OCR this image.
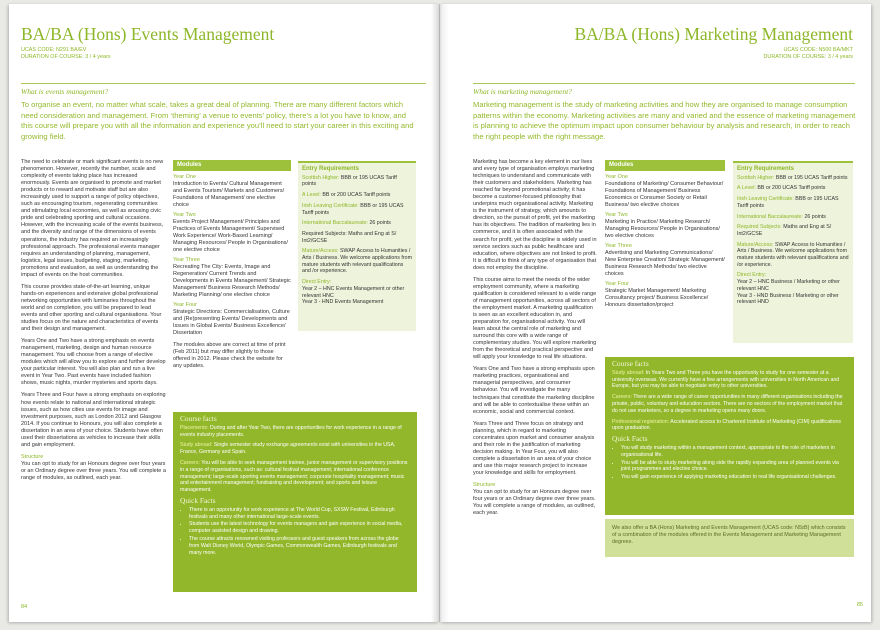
BA/BA (Hons) Events Management
UCAS CODE: N291 BA/EV
DURATION OF COURSE: 3 / 4 years
What is events management?
To organise an event, no matter what scale, takes a great deal of planning. There are many different factors which need consideration and management. From ‘theming’ a venue to events’ policy, there’s a lot you have to know, and this course will prepare you with all the information and experience you’ll need to start your career in this exciting and growing field.

The need to celebrate or mark significant events is no new phenomenon. However, recently the number, scale and complexity of events taking place has increased enormously. Events are organised to promote and market products or to reward and motivate staff but are also increasingly used to support a range of policy objectives, such as encouraging tourism, regenerating communities and stimulating local economies, as well as arousing civic pride and celebrating sporting and cultural occasions. However, with the increasing scale of the events business, and the diversity and range of the dimensions of events operations, the industry has required an increasingly professional approach. The professional events manager requires an understanding of planning, management, logistics, legal issues, budgeting, staging, marketing, promotions and evaluation, as well as understanding the impact of events on the host communities.

This course provides state-of-the-art learning, unique hands-on experiences and extensive global professional networking opportunities with luminaries throughout the world and on completion, you will be prepared to lead events and other sporting and cultural organisations. Your studies focus on the nature and characteristics of events and their design and management.

Years One and Two have a strong emphasis on events management, marketing, design and human resource management. You will choose from a range of elective modules which will allow you to explore and further develop your particular interest. You will also plan and run a live event in Year Two. Past events have included fashion shows, music nights, murder mysteries and sports days.

Years Three and Four have a strong emphasis on exploring how events relate to national and international strategic issues, such as how cities use events for image and investment purposes, such as London 2012 and Glasgow 2014. If you continue to Honours, you will also complete a dissertation in an area of your choice. Students have often used their dissertations as vehicles to increase their skills and gain employment.

Structure
You can opt to study for an Honours degree over four years or an Ordinary degree over three years. You will complete a range of modules, as outlined, each year.
Modules
Year One
Introduction to Events/ Cultural Management and Events Tourism/ Markets and Customers/ Foundations of Management/ one elective choice
Year Two
Events Project Management/ Principles and Practices of Events Management/ Supervised Work Experience/ Work-Based Learning/ Managing Resources/ People in Organisations/ one elective choice
Year Three
Recreating The City: Events, Image and Regeneration/ Current Trends and Developments in Events Management/ Strategic Management/ Business Research Methods/ Marketing Planning/ one elective choice
Year Four
Strategic Directions: Commercialisation, Culture and (Re)presenting Events/ Developments and Issues in Global Events/ Business Excellence/ Dissertation
The modules above are correct at time of print (Feb 2011) but may differ slightly to those offered in 2012. Please check the website for any updates.
Entry Requirements
Scottish Higher: BBB or 195 UCAS Tariff points
A Level: BB or 200 UCAS Tariff points
Irish Leaving Certificate: BBB or 195 UCAS Tariff points
International Baccalaureate: 26 points
Required Subjects: Maths and Eng at S/ Int2/GCSE
Mature/Access: SWAP Access to Humanities / Arts / Business. We welcome applications from mature students with relevant qualifications and /or experience.
Direct Entry:
Year 2 – HNC Events Management or other relevant HNC
Year 3 - HND Events Management
Course facts
Placements: During and after Year Two, there are opportunities for work experience in a range of events industry placements.
Study abroad: Single semester study exchange agreements exist with universities in the USA, France, Germany and Spain.
Careers: You will be able to seek management trainee, junior management or supervisory positions in a range of organisations, such as: cultural festival management; international conference management; large-scale sporting events management; corporate hospitality management; music and entertainment management; fundraising and development; and sports and leisure management.
Quick Facts
• There is an opportunity for work experience at The World Cup, SXSW Festival, Edinburgh festivals and many other international large-scale events.
• Students use the latest technology for events managers and gain experience in social media, computer assisted design and drawing.
• The course attracts renowned visiting professors and guest speakers from across the globe from Walt Disney World, Olympic Games, Commonwealth Games, Edinburgh festivals and many more.
84
BA/BA (Hons) Marketing Management
UCAS CODE: N500 BA/MKT
DURATION OF COURSE: 3 / 4 years
What is marketing management?
Marketing management is the study of marketing activities and how they are organised to manage consumption patterns within the economy. Marketing activities are many and varied and the essence of marketing management is planning to achieve the optimum impact upon consumer behaviour by analysis and research, in order to reach the right people with the right message.

Marketing has become a key element in our lives and every type of organisation employs marketing techniques to understand and communicate with their customers and stakeholders. Marketing has reached far beyond promotional activity; it has become a customer-focused philosophy that underpins much organisational activity. Marketing is the instrument of strategy, which amounts to direction, so the pursuit of profit, yet the marketing has its objectives. The tradition of marketing lies in commerce, and it is often associated with the search for profit, yet the discipline is widely used in service sectors such as public healthcare and education, where objectives are not linked to profit. It is difficult to think of any type of organisation that does not employ the discipline.

This course aims to meet the needs of the wider employment community, where a marketing qualification is considered relevant to a wide range of management opportunities, across all sectors of the employment market. A marketing qualification is seen as an excellent education in, and preparation for, organisational activity. You will learn about the central role of marketing and surround this core with a wide range of complementary studies. You will explore marketing from the theoretical and practical perspective and will apply your knowledge to real life situations.

Years One and Two have a strong emphasis upon marketing practices, organisational and managerial perspectives, and consumer behaviour. You will investigate the many techniques that constitute the marketing discipline and will be able to contextualise these within an economic, social and commercial context.

Years Three and Three focus on strategy and planning, which in regard to marketing concentrates upon market and consumer analysis and their role in the justification of marketing decision making. In Year Four, you will also complete a dissertation in an area of your choice and use this major research project to increase your knowledge and skills for employment.

Structure
You can opt to study for an Honours degree over four years or an Ordinary degree over three years. You will complete a range of modules, as outlined, each year.
Modules
Year One
Foundations of Marketing/ Consumer Behaviour/ Foundations of Management/ Business Economics or Consumer Society or Retail Business/ two elective choices
Year Two
Marketing in Practice/ Marketing Research/ Managing Resources/ People in Organisations/ two elective choices
Year Three
Advertising and Marketing Communications/ New Enterprise Creation/ Strategic Management/ Business Research Methods/ two elective choices
Year Four
Strategic Market Management/ Marketing Consultancy project/ Business Excellence/ Honours dissertation/project
Entry Requirements
Scottish Higher: BBB or 195 UCAS Tariff points
A Level: BB or 200 UCAS Tariff points
Irish Leaving Certificate: BBB or 195 UCAS Tariff points
International Baccalaureate: 26 points
Required Subjects: Maths and Eng at S/ Int2/GCSE
Mature/Access: SWAP Access to Humanities / Arts / Business. We welcome applications from mature students with relevant qualifications and /or experience.
Direct Entry:
Year 2 – HNC Business / Marketing or other relevant HNC
Year 3 - HND Business / Marketing or other relevant HND
Course facts
Study abroad: In Years Two and Three you have the opportunity to study for one semester at a university overseas. We currently have a few arrangements with universities in North American and Europe, but you may be able to negotiate entry to other universities.
Careers: There are a wide range of career opportunities in many different organisations including the private, public, voluntary and education sectors. There are no sectors of the employment market that do not use marketers, so a degree in marketing opens many doors.
Professional registration: Accelerated access to Chartered Institute of Marketing (CIM) qualifications upon graduation.
Quick Facts
• You will study marketing within a management context, appropriate to the role of marketers in organisational life.
• You will be able to study marketing along side the rapidly expanding area of planned events via joint programmes and elective choice.
• You will gain experience of applying marketing education to real life organisational challenges.
We also offer a BA (Hons) Marketing and Events Management (UCAS code: N5ɪB) which consists of a combination of the modules offered in the Events Management and Marketing Management degrees.
85
